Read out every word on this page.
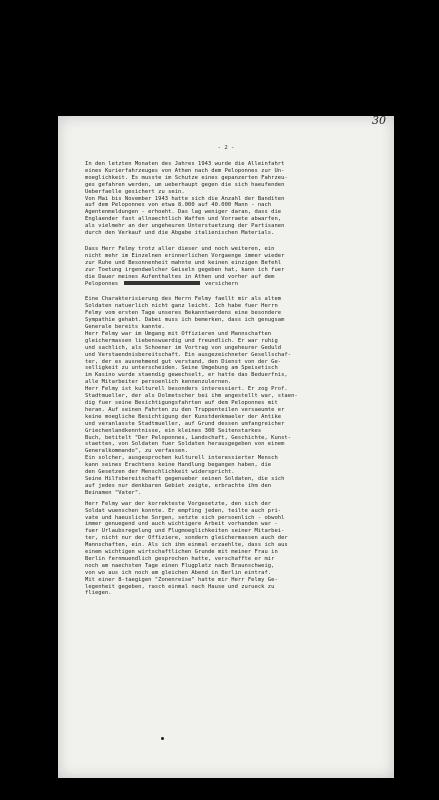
30
- 2 -
In den letzten Monaten des Jahres 1943 wurde die Alleinfahrt
eines Kurierfahrzeuges von Athen nach dem Peloponnes zur Un-
moeglichkeit. Es musste im Schutze eines gepanzerten Fahrzeu-
ges gefahren werden, um ueberhaupt gegen die sich haeufenden
Ueberfaelle gesichert zu sein.
Von Mai bis November 1943 hatte sich die Anzahl der Banditen
auf dem Peloponnes von etwa 8.000 auf 40.000 Mann - nach
Agentenmeldungen - erhoeht. Das lag weniger daran, dass die
Englaender fast allnaechtlich Waffen und Vorraete abwarfen,
als vielmehr an der ungeheuren Unterstuetzung der Partisanen
durch den Verkauf und die Abgabe italienischen Materials.
Dass Herr Felmy trotz aller dieser und noch weiteren, ein
nicht mehr im Einzelnen erinnerlichen Vorgaenge immer wieder
zur Ruhe und Besonnenheit mahnte und keinen einzigen Befehl
zur Toetung irgendwelcher Geiseln gegeben hat, kann ich fuer
die Dauer meines Aufenthaltes in Athen und vorher auf dem
Peloponnes	versichern
Eine Charakterisierung des Herrn Felmy faellt mir als altem
Soldaten natuerlich nicht ganz leicht. Ich habe fuer Herrn
Felmy vom ersten Tage unseres Bekanntwerdens eine besondere
Sympathie gehabt. Dabei muss ich bemerken, dass ich genugsam
Generale bereits kannte.
Herr Felmy war im Umgang mit Offizieren und Mannschaften
gleichermassen liebenswuerdig und freundlich. Er war ruhig
und sachlich, als Schoener im Vortrag von ungeheurer Geduld
und Verstaendnisbereitschaft. Ein ausgezeichneter Gesellschaf-
ter, der es ausnehmend gut verstand, den Dienst von der Ge-
selligkeit zu unterscheiden. Seine Umgebung am Speisetisch
im Kasino wurde staendig gewechselt, er hatte das Beduerfnis,
alle Mitarbeiter persoenlich kennenzulernen.
Herr Felmy ist kulturell besonders interessiert. Er zog Prof.
Stadtmueller, der als Dolmetscher bei ihm angestellt war, staen-
dig fuer seine Besichtigungsfahrten auf dem Peloponnes mit
heran. Auf seinen Fahrten zu den Truppenteilen versaeumte er
keine moegliche Besichtigung der Kunstdenkmaeler der Antike
und veranlasste Stadtmueller, auf Grund dessen umfangreicher
Griechenlandkenntnisse, ein kleines 300 Seitenstarkes
Buch, betitelt "Der Peloponnes, Landschaft, Geschichte, Kunst-
staetten, von Soldaten fuer Soldaten herausgegeben von einem
Generalkommando", zu verfassen.
Ein solcher, ausgesprochen kulturell interessierter Mensch
kann seines Erachtens keine Handlung begangen haben, die
den Gesetzen der Menschlichkeit widerspricht.
Seine Hilfsbereitschaft gegenueber seinen Soldaten, die sich
auf jedes nur denkbaren Gebiet zeigte, erbrachte ihm den
Beinamen "Vater".
Herr Felmy war der korrekteste Vorgesetzte, den sich der
Soldat wuenschen konnte. Er empfing jeden, teilte auch pri-
vate und haeusliche Sorgen, setzte sich persoenlich - obwohl
immer genuegend und auch wichtigere Arbeit vorhanden war -
fuer Urlaubsregelung und Flugmoeglichkeiten seiner Mitarbei-
ter, nicht nur der Offiziere, sondern gleichermassen auch der
Mannschaften, ein. Als ich ihm einmal erzaehlte, dass ich aus
einem wichtigen wirtschaftlichen Grunde mit meiner Frau in
Berlin fernmuendlich gesprochen hatte, verschaffte er mir
noch am naechsten Tage einen Flugplatz nach Braunschweig,
von wo aus ich noch am gleichen Abend in Berlin eintraf.
Mit einer 8-taegigen "Zonenreise" hatte mir Herr Felmy Ge-
legenheit gegeben, rasch einmal nach Hause und zurueck zu
fliegen.
